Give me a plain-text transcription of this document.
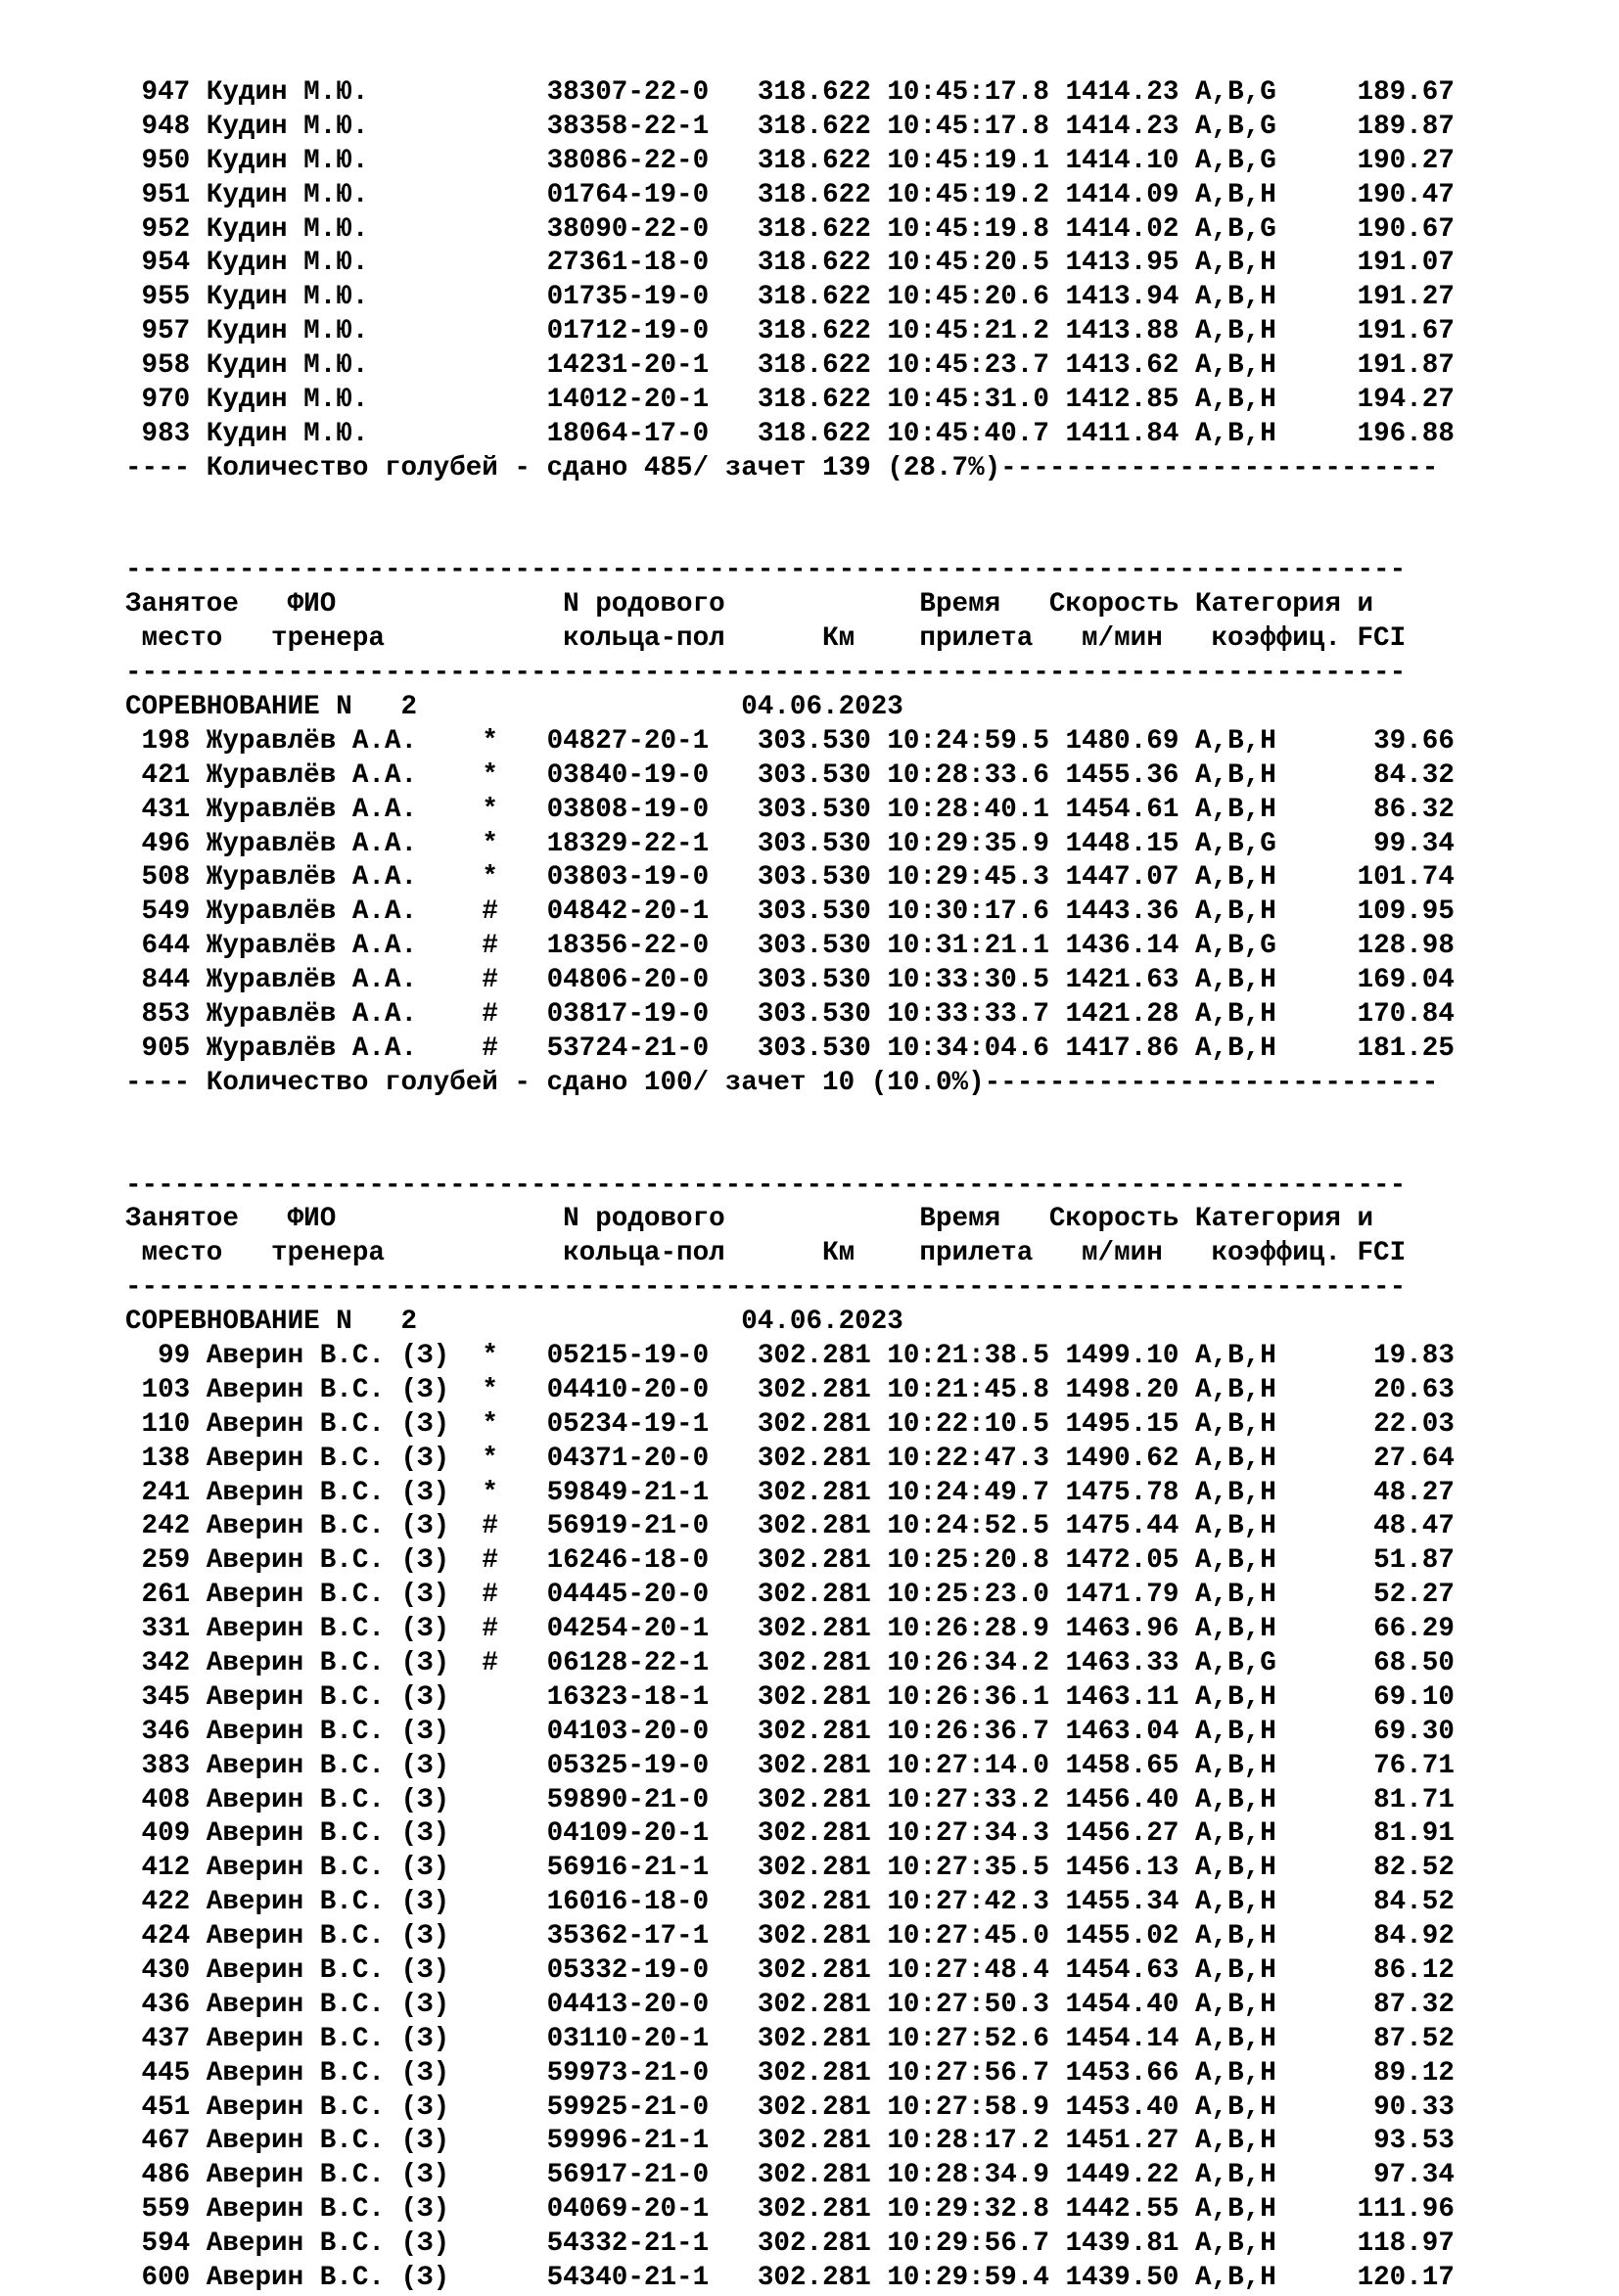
947 Кудин М.Ю.           38307-22-0   318.622 10:45:17.8 1414.23 A,B,G     189.67
948 Кудин М.Ю.           38358-22-1   318.622 10:45:17.8 1414.23 A,B,G     189.87
950 Кудин М.Ю.           38086-22-0   318.622 10:45:19.1 1414.10 A,B,G     190.27
951 Кудин М.Ю.           01764-19-0   318.622 10:45:19.2 1414.09 A,B,H     190.47
952 Кудин М.Ю.           38090-22-0   318.622 10:45:19.8 1414.02 A,B,G     190.67
954 Кудин М.Ю.           27361-18-0   318.622 10:45:20.5 1413.95 A,B,H     191.07
955 Кудин М.Ю.           01735-19-0   318.622 10:45:20.6 1413.94 A,B,H     191.27
957 Кудин М.Ю.           01712-19-0   318.622 10:45:21.2 1413.88 A,B,H     191.67
958 Кудин М.Ю.           14231-20-1   318.622 10:45:23.7 1413.62 A,B,H     191.87
970 Кудин М.Ю.           14012-20-1   318.622 10:45:31.0 1412.85 A,B,H     194.27
983 Кудин М.Ю.           18064-17-0   318.622 10:45:40.7 1411.84 A,B,H     196.88
---- Количество голубей - сдано 485/ зачет 139 (28.7%)---------------------------

-------------------------------------------------------------------------------
Занятое   ФИО              N родового            Время   Скорость Категория и
место   тренера           кольца-пол      Км    прилета   м/мин   коэффиц. FCI
-------------------------------------------------------------------------------
СОРЕВНОВАНИЕ N   2                    04.06.2023
198 Журавлёв А.А.    *   04827-20-1   303.530 10:24:59.5 1480.69 A,B,H      39.66
421 Журавлёв А.А.    *   03840-19-0   303.530 10:28:33.6 1455.36 A,B,H      84.32
431 Журавлёв А.А.    *   03808-19-0   303.530 10:28:40.1 1454.61 A,B,H      86.32
496 Журавлёв А.А.    *   18329-22-1   303.530 10:29:35.9 1448.15 A,B,G      99.34
508 Журавлёв А.А.    *   03803-19-0   303.530 10:29:45.3 1447.07 A,B,H     101.74
549 Журавлёв А.А.    #   04842-20-1   303.530 10:30:17.6 1443.36 A,B,H     109.95
644 Журавлёв А.А.    #   18356-22-0   303.530 10:31:21.1 1436.14 A,B,G     128.98
844 Журавлёв А.А.    #   04806-20-0   303.530 10:33:30.5 1421.63 A,B,H     169.04
853 Журавлёв А.А.    #   03817-19-0   303.530 10:33:33.7 1421.28 A,B,H     170.84
905 Журавлёв А.А.    #   53724-21-0   303.530 10:34:04.6 1417.86 A,B,H     181.25
---- Количество голубей - сдано 100/ зачет 10 (10.0%)----------------------------

-------------------------------------------------------------------------------
Занятое   ФИО              N родового            Время   Скорость Категория и
место   тренера           кольца-пол      Км    прилета   м/мин   коэффиц. FCI
-------------------------------------------------------------------------------
СОРЕВНОВАНИЕ N   2                    04.06.2023
99 Аверин В.С. (З)  *   05215-19-0   302.281 10:21:38.5 1499.10 A,B,H      19.83
103 Аверин В.С. (З)  *   04410-20-0   302.281 10:21:45.8 1498.20 A,B,H      20.63
110 Аверин В.С. (З)  *   05234-19-1   302.281 10:22:10.5 1495.15 A,B,H      22.03
138 Аверин В.С. (З)  *   04371-20-0   302.281 10:22:47.3 1490.62 A,B,H      27.64
241 Аверин В.С. (З)  *   59849-21-1   302.281 10:24:49.7 1475.78 A,B,H      48.27
242 Аверин В.С. (З)  #   56919-21-0   302.281 10:24:52.5 1475.44 A,B,H      48.47
259 Аверин В.С. (З)  #   16246-18-0   302.281 10:25:20.8 1472.05 A,B,H      51.87
261 Аверин В.С. (З)  #   04445-20-0   302.281 10:25:23.0 1471.79 A,B,H      52.27
331 Аверин В.С. (З)  #   04254-20-1   302.281 10:26:28.9 1463.96 A,B,H      66.29
342 Аверин В.С. (З)  #   06128-22-1   302.281 10:26:34.2 1463.33 A,B,G      68.50
345 Аверин В.С. (З)      16323-18-1   302.281 10:26:36.1 1463.11 A,B,H      69.10
346 Аверин В.С. (З)      04103-20-0   302.281 10:26:36.7 1463.04 A,B,H      69.30
383 Аверин В.С. (З)      05325-19-0   302.281 10:27:14.0 1458.65 A,B,H      76.71
408 Аверин В.С. (З)      59890-21-0   302.281 10:27:33.2 1456.40 A,B,H      81.71
409 Аверин В.С. (З)      04109-20-1   302.281 10:27:34.3 1456.27 A,B,H      81.91
412 Аверин В.С. (З)      56916-21-1   302.281 10:27:35.5 1456.13 A,B,H      82.52
422 Аверин В.С. (З)      16016-18-0   302.281 10:27:42.3 1455.34 A,B,H      84.52
424 Аверин В.С. (З)      35362-17-1   302.281 10:27:45.0 1455.02 A,B,H      84.92
430 Аверин В.С. (З)      05332-19-0   302.281 10:27:48.4 1454.63 A,B,H      86.12
436 Аверин В.С. (З)      04413-20-0   302.281 10:27:50.3 1454.40 A,B,H      87.32
437 Аверин В.С. (З)      03110-20-1   302.281 10:27:52.6 1454.14 A,B,H      87.52
445 Аверин В.С. (З)      59973-21-0   302.281 10:27:56.7 1453.66 A,B,H      89.12
451 Аверин В.С. (З)      59925-21-0   302.281 10:27:58.9 1453.40 A,B,H      90.33
467 Аверин В.С. (З)      59996-21-1   302.281 10:28:17.2 1451.27 A,B,H      93.53
486 Аверин В.С. (З)      56917-21-0   302.281 10:28:34.9 1449.22 A,B,H      97.34
559 Аверин В.С. (З)      04069-20-1   302.281 10:29:32.8 1442.55 A,B,H     111.96
594 Аверин В.С. (З)      54332-21-1   302.281 10:29:56.7 1439.81 A,B,H     118.97
600 Аверин В.С. (З)      54340-21-1   302.281 10:29:59.4 1439.50 A,B,H     120.17
